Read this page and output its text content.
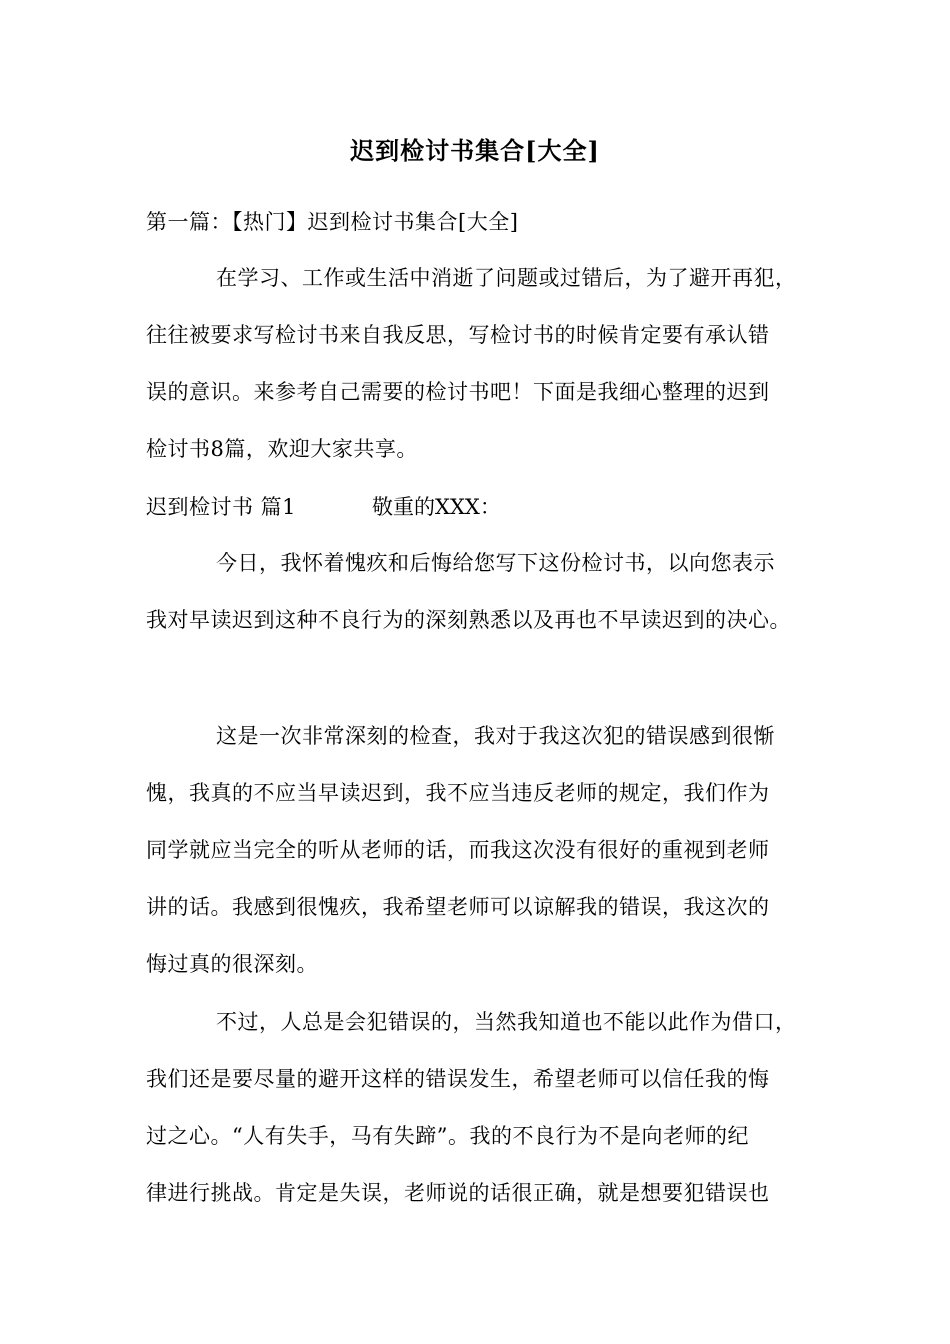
迟到检讨书集合[大全]
第一篇：【热门】迟到检讨书集合[大全]
在学习、工作或生活中消逝了问题或过错后，为了避开再犯，
往往被要求写检讨书来自我反思，写检讨书的时候肯定要有承认错
误的意识。来参考自己需要的检讨书吧！下面是我细心整理的迟到
检讨书8篇，欢迎大家共享。
迟到检讨书 篇1	敬重的XXX：
今日，我怀着愧疚和后悔给您写下这份检讨书，以向您表示
我对早读迟到这种不良行为的深刻熟悉以及再也不早读迟到的决心。
这是一次非常深刻的检查，我对于我这次犯的错误感到很惭
愧，我真的不应当早读迟到，我不应当违反老师的规定，我们作为
同学就应当完全的听从老师的话，而我这次没有很好的重视到老师
讲的话。我感到很愧疚，我希望老师可以谅解我的错误，我这次的
悔过真的很深刻。
不过，人总是会犯错误的，当然我知道也不能以此作为借口，
我们还是要尽量的避开这样的错误发生，希望老师可以信任我的悔
过之心。“人有失手，马有失蹄”。我的不良行为不是向老师的纪
律进行挑战。肯定是失误，老师说的话很正确，就是想要犯错误也
